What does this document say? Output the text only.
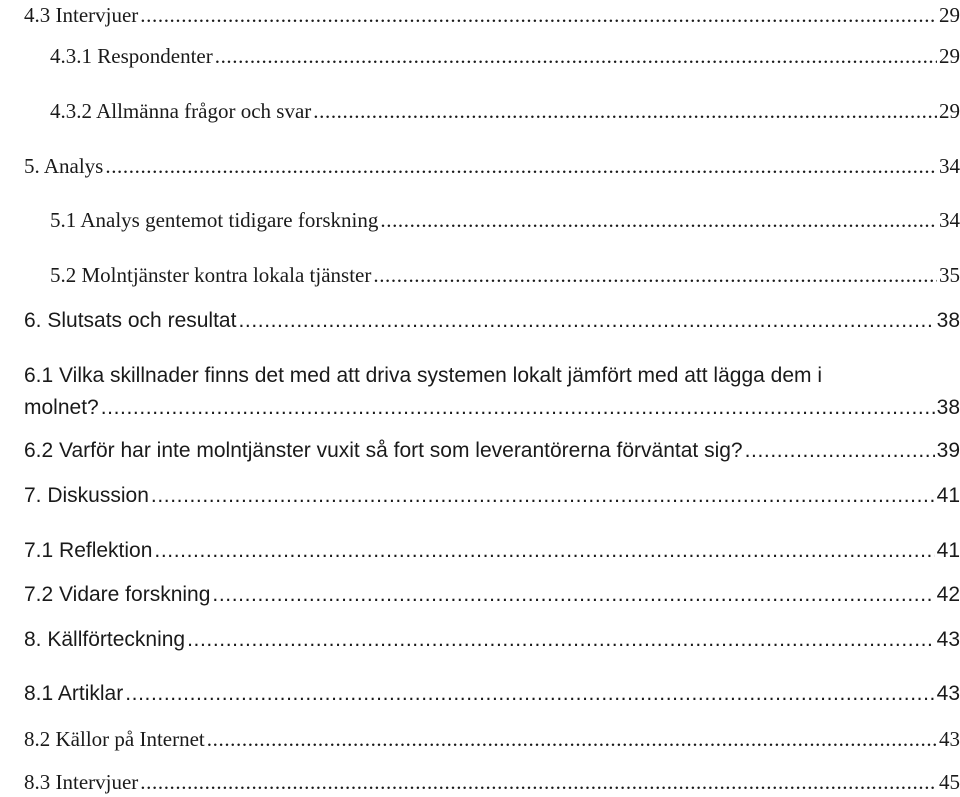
4.3 Intervjuer .....	29
4.3.1 Respondenter .....	29
4.3.2 Allmänna frågor och svar .....	29
5. Analys .....	34
5.1 Analys gentemot tidigare forskning .....	34
5.2 Molntjänster kontra lokala tjänster .....	35
6. Slutsats och resultat .....	38
6.1 Vilka skillnader finns det med att driva systemen lokalt jämfört med att lägga dem i
molnet? .....	38
6.2 Varför har inte molntjänster vuxit så fort som leverantörerna förväntat sig? .....	39
7. Diskussion .....	41
7.1 Reflektion .....	41
7.2 Vidare forskning .....	42
8. Källförteckning .....	43
8.1 Artiklar .....	43
8.2 Källor på Internet .....	43
8.3 Intervjuer .....	45
